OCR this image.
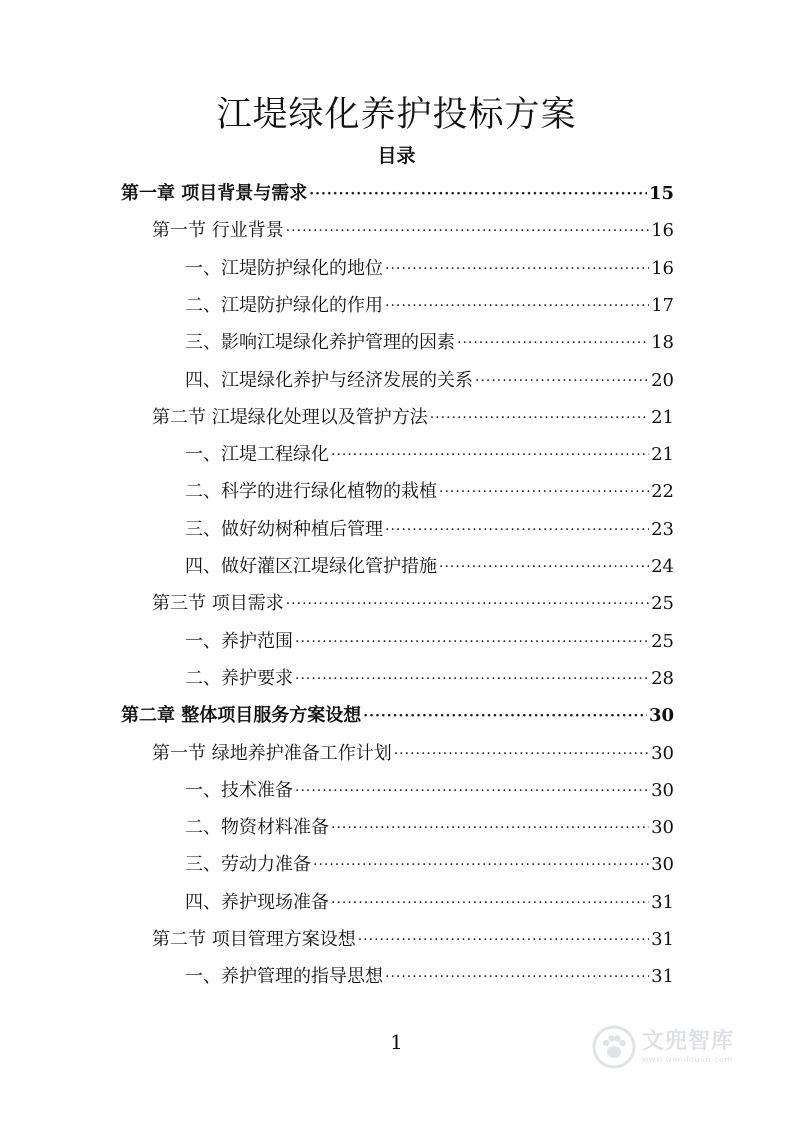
江堤绿化养护投标方案
目录
第一章 项目背景与需求 ·····	15
第一节 行业背景 ·····	16
一、江堤防护绿化的地位 ·····	16
二、江堤防护绿化的作用 ·····	17
三、影响江堤绿化养护管理的因素 ·····	18
四、江堤绿化养护与经济发展的关系 ·····	20
第二节 江堤绿化处理以及管护方法 ·····	21
一、江堤工程绿化 ·····	21
二、科学的进行绿化植物的栽植 ·····	22
三、做好幼树种植后管理 ·····	23
四、做好灌区江堤绿化管护措施 ·····	24
第三节 项目需求 ·····	25
一、养护范围 ·····	25
二、养护要求 ·····	28
第二章 整体项目服务方案设想 ·····	30
第一节 绿地养护准备工作计划 ·····	30
一、技术准备 ·····	30
二、物资材料准备 ·····	30
三、劳动力准备 ·····	30
四、养护现场准备 ·····	31
第二节 项目管理方案设想 ·····	31
一、养护管理的指导思想 ·····	31
1	文兜智库
www.wendoulib.com
